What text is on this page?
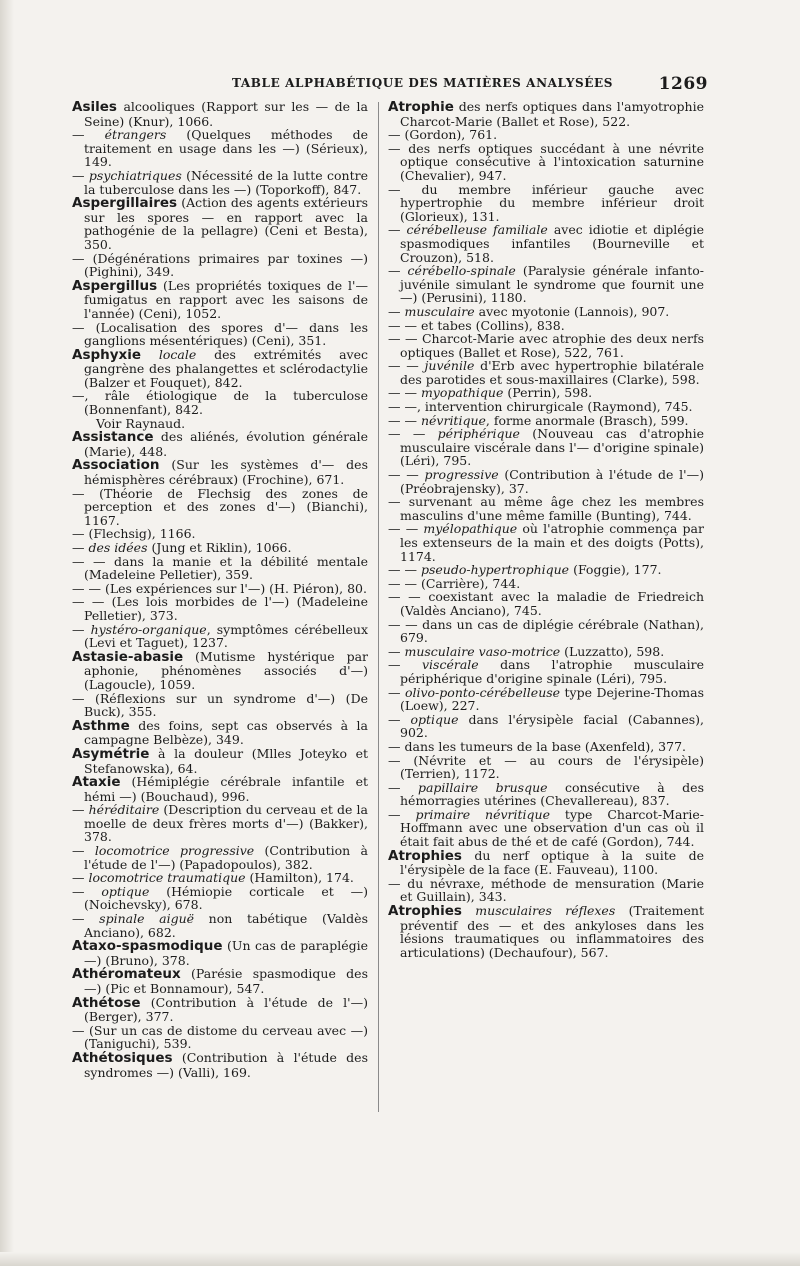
TABLE ALPHABÉTIQUE DES MATIÈRES ANALYSÉES	1269

Asiles alcooliques (Rapport sur les — de la Seine) (Knur), 1066.

— étrangers (Quelques méthodes de traitement en usage dans les —) (Sérieux), 149.

— psychiatriques (Nécessité de la lutte contre la tuberculose dans les —) (Toporkoff), 847.

Aspergillaires (Action des agents extérieurs sur les spores — en rapport avec la pathogénie de la pellagre) (Ceni et Besta), 350.

— (Dégénérations primaires par toxines —) (Pighini), 349.

Aspergillus (Les propriétés toxiques de l'— fumigatus en rapport avec les saisons de l'année) (Ceni), 1052.

— (Localisation des spores d'— dans les ganglions mésentériques) (Ceni), 351.

Asphyxie locale des extrémités avec gangrène des phalangettes et sclérodactylie (Balzer et Fouquet), 842.

—, râle étiologique de la tuberculose (Bonnenfant), 842.

Voir Raynaud.

Assistance des aliénés, évolution générale (Marie), 448.

Association (Sur les systèmes d'— des hémisphères cérébraux) (Frochine), 671.

— (Théorie de Flechsig des zones de perception et des zones d'—) (Bianchi), 1167.

— (Flechsig), 1166.

— des idées (Jung et Riklin), 1066.

— — dans la manie et la débilité mentale (Madeleine Pelletier), 359.

— — (Les expériences sur l'—) (H. Piéron), 80.

— — (Les lois morbides de l'—) (Madeleine Pelletier), 373.

— hystéro-organique, symptômes cérébelleux (Levi et Taguet), 1237.

Astasie-abasie (Mutisme hystérique par aphonie, phénomènes associés d'—) (Lagoucle), 1059.

— (Réflexions sur un syndrome d'—) (De Buck), 355.

Asthme des foins, sept cas observés à la campagne Belbèze), 349.

Asymétrie à la douleur (Mlles Joteyko et Stefanowska), 64.

Ataxie (Hémiplégie cérébrale infantile et hémi —) (Bouchaud), 996.

— héréditaire (Description du cerveau et de la moelle de deux frères morts d'—) (Bakker), 378.

— locomotrice progressive (Contribution à l'étude de l'—) (Papadopoulos), 382.

— locomotrice traumatique (Hamilton), 174.

— optique (Hémiopie corticale et —) (Noichevsky), 678.

— spinale aiguë non tabétique (Valdès Anciano), 682.

Ataxo-spasmodique (Un cas de paraplégie —) (Bruno), 378.

Athéromateux (Parésie spasmodique des —) (Pic et Bonnamour), 547.

Athétose (Contribution à l'étude de l'—) (Berger), 377.

— (Sur un cas de distome du cerveau avec —) (Taniguchi), 539.

Athétosiques (Contribution à l'étude des syndromes —) (Valli), 169.

Atrophie des nerfs optiques dans l'amyotrophie Charcot-Marie (Ballet et Rose), 522.

— (Gordon), 761.

— des nerfs optiques succédant à une névrite optique consécutive à l'intoxication saturnine (Chevalier), 947.

— du membre inférieur gauche avec hypertrophie du membre inférieur droit (Glorieux), 131.

— cérébelleuse familiale avec idiotie et diplégie spasmodiques infantiles (Bourneville et Crouzon), 518.

— cérébello-spinale (Paralysie générale infanto-juvénile simulant le syndrome que fournit une —) (Perusini), 1180.

— musculaire avec myotonie (Lannois), 907.

— — et tabes (Collins), 838.

— — Charcot-Marie avec atrophie des deux nerfs optiques (Ballet et Rose), 522, 761.

— — juvénile d'Erb avec hypertrophie bilatérale des parotides et sous-maxillaires (Clarke), 598.

— — myopathique (Perrin), 598.

— —, intervention chirurgicale (Raymond), 745.

— — névritique, forme anormale (Brasch), 599.

— — périphérique (Nouveau cas d'atrophie musculaire viscérale dans l'— d'origine spinale) (Léri), 795.

— — progressive (Contribution à l'étude de l'—) (Préobrajensky), 37.

— survenant au même âge chez les membres masculins d'une même famille (Bunting), 744.

— — myélopathique où l'atrophie commença par les extenseurs de la main et des doigts (Potts), 1174.

— — pseudo-hypertrophique (Foggie), 177.

— — (Carrière), 744.

— — coexistant avec la maladie de Friedreich (Valdès Anciano), 745.

— — dans un cas de diplégie cérébrale (Nathan), 679.

— musculaire vaso-motrice (Luzzatto), 598.

— viscérale dans l'atrophie musculaire périphérique d'origine spinale (Léri), 795.

— olivo-ponto-cérébelleuse type Dejerine-Thomas (Loew), 227.

— optique dans l'érysipèle facial (Cabannes), 902.

— dans les tumeurs de la base (Axenfeld), 377.

— (Névrite et — au cours de l'érysipèle) (Terrien), 1172.

— papillaire brusque consécutive à des hémorragies utérines (Chevallereau), 837.

— primaire névritique type Charcot-Marie-Hoffmann avec une observation d'un cas où il était fait abus de thé et de café (Gordon), 744.

Atrophies du nerf optique à la suite de l'érysipèle de la face (E. Fauveau), 1100.

— du névraxe, méthode de mensuration (Marie et Guillain), 343.

Atrophies musculaires réflexes (Traitement préventif des — et des ankyloses dans les lésions traumatiques ou inflammatoires des articulations) (Dechaufour), 567.
